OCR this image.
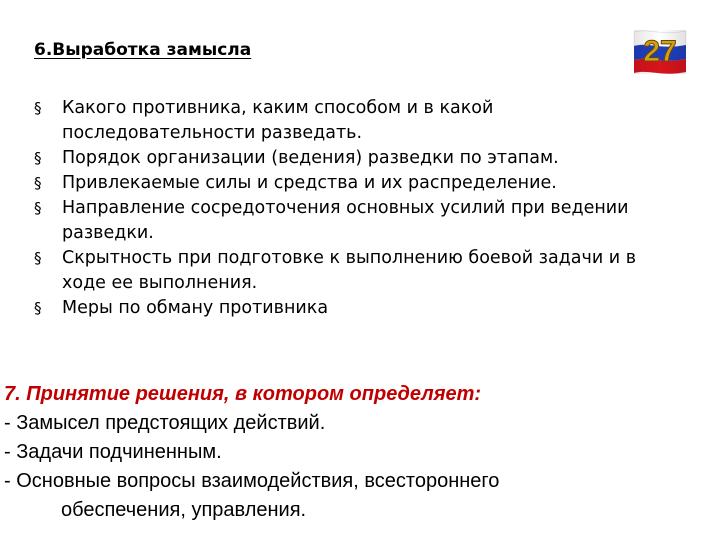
6.Выработка замысла	27
§	Какого противника, каким способом и в какой
последовательности разведать.
§	Порядок организации (ведения) разведки по этапам.
§	Привлекаемые силы и средства и их распределение.
§	Направление сосредоточения основных усилий при ведении
разведки.
§	Скрытность при подготовке к выполнению боевой задачи и в
ходе ее выполнения.
§	Меры по обману противника
7. Принятие решения, в котором определяет:
- Замысел предстоящих действий.
- Задачи подчиненным.
- Основные вопросы взаимодействия, всестороннего
обеспечения, управления.
